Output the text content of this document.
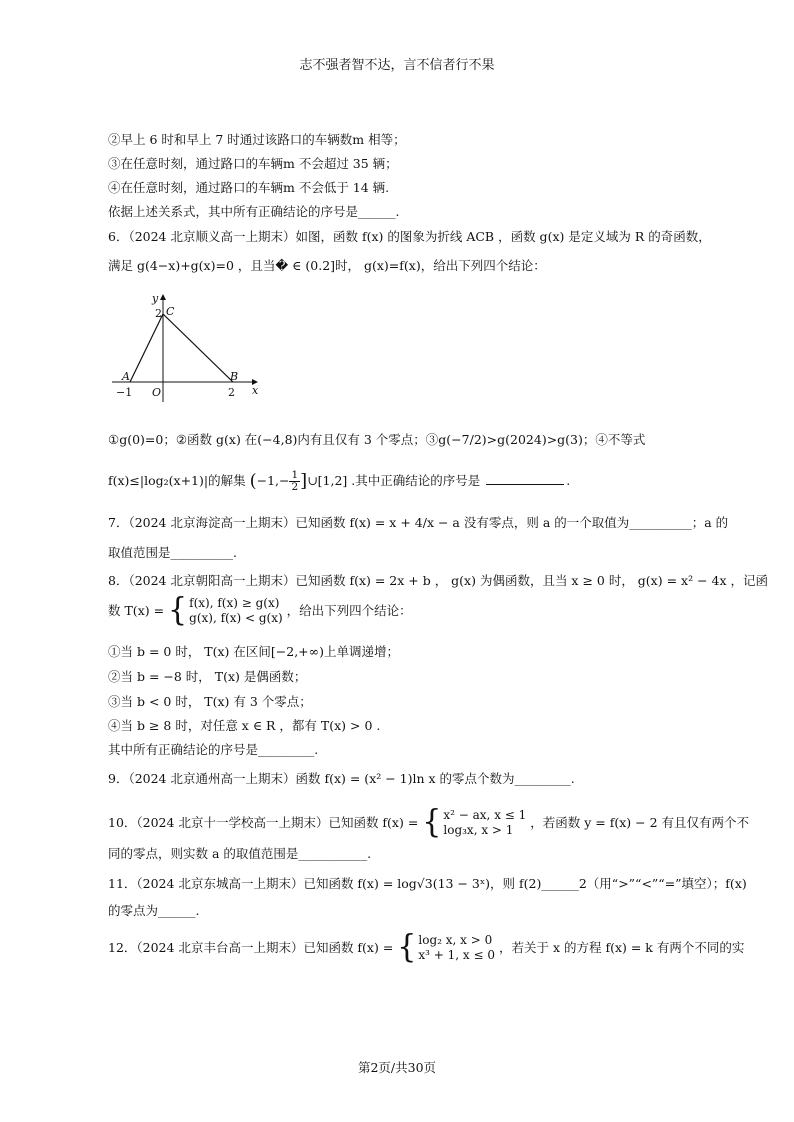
志不强者智不达，言不信者行不果
②早上 6 时和早上 7 时通过该路口的车辆数m 相等；
③在任意时刻，通过路口的车辆m 不会超过 35 辆；
④在任意时刻，通过路口的车辆m 不会低于 14 辆.
依据上述关系式，其中所有正确结论的序号是______.
6．（2024 北京顺义高一上期末）如图，函数 f(x) 的图象为折线 ACB ，函数 g(x) 是定义域为 R 的奇函数，
满足 g(4−x)+g(x)=0 ，且当� ∈ (0.2]时， g(x)=f(x)，给出下列四个结论：
y
x
C
2
A	B
−1 O	2
①g(0)=0；②函数 g(x) 在(−4,8)内有且仅有 3 个零点；③g(−7/2)>g(2024)>g(3)；④不等式
f(x)≤|log₂(x+1)|的解集 ($-1,- \frac{1}{2}$ ]∪[1,2] .其中正确结论的序号是	.
7．（2024 北京海淀高一上期末）已知函数 f(x) = x + 4/x − a 没有零点，则 a 的一个取值为__________；a 的
取值范围是__________.
8．（2024 北京朝阳高一上期末）已知函数 f(x) = 2x + b ， g(x) 为偶函数，且当 x ≥ 0 时， g(x) = x² − 4x ，记函
数 T(x) = { f(x), f(x) ≥ g(x)
g(x), f(x) < g(x) ，给出下列四个结论：
①当 b = 0 时， T(x) 在区间[−2,+∞)上单调递增；
②当 b = −8 时， T(x) 是偶函数；
③当 b < 0 时， T(x) 有 3 个零点；
④当 b ≥ 8 时，对任意 x ∈ R ，都有 T(x) > 0 .
其中所有正确结论的序号是_________.
9．（2024 北京通州高一上期末）函数 f(x) = (x² − 1)ln x 的零点个数为_________.
10．（2024 北京十一学校高一上期末）已知函数 f(x) = { x² − ax, x ≤ 1
log₃x, x > 1	，若函数 y = f(x) − 2 有且仅有两个不
同的零点，则实数 a 的取值范围是___________.
11．（2024 北京东城高一上期末）已知函数 f(x) = log√3(13 − 3ˣ)，则 f(2)______2（用“>”“<”“=”填空）；f(x)
的零点为______.
12．（2024 北京丰台高一上期末）已知函数 f(x) = { log₂ x, x > 0
x³ + 1, x ≤ 0 ，若关于 x 的方程 f(x) = k 有两个不同的实
第2页/共30页
